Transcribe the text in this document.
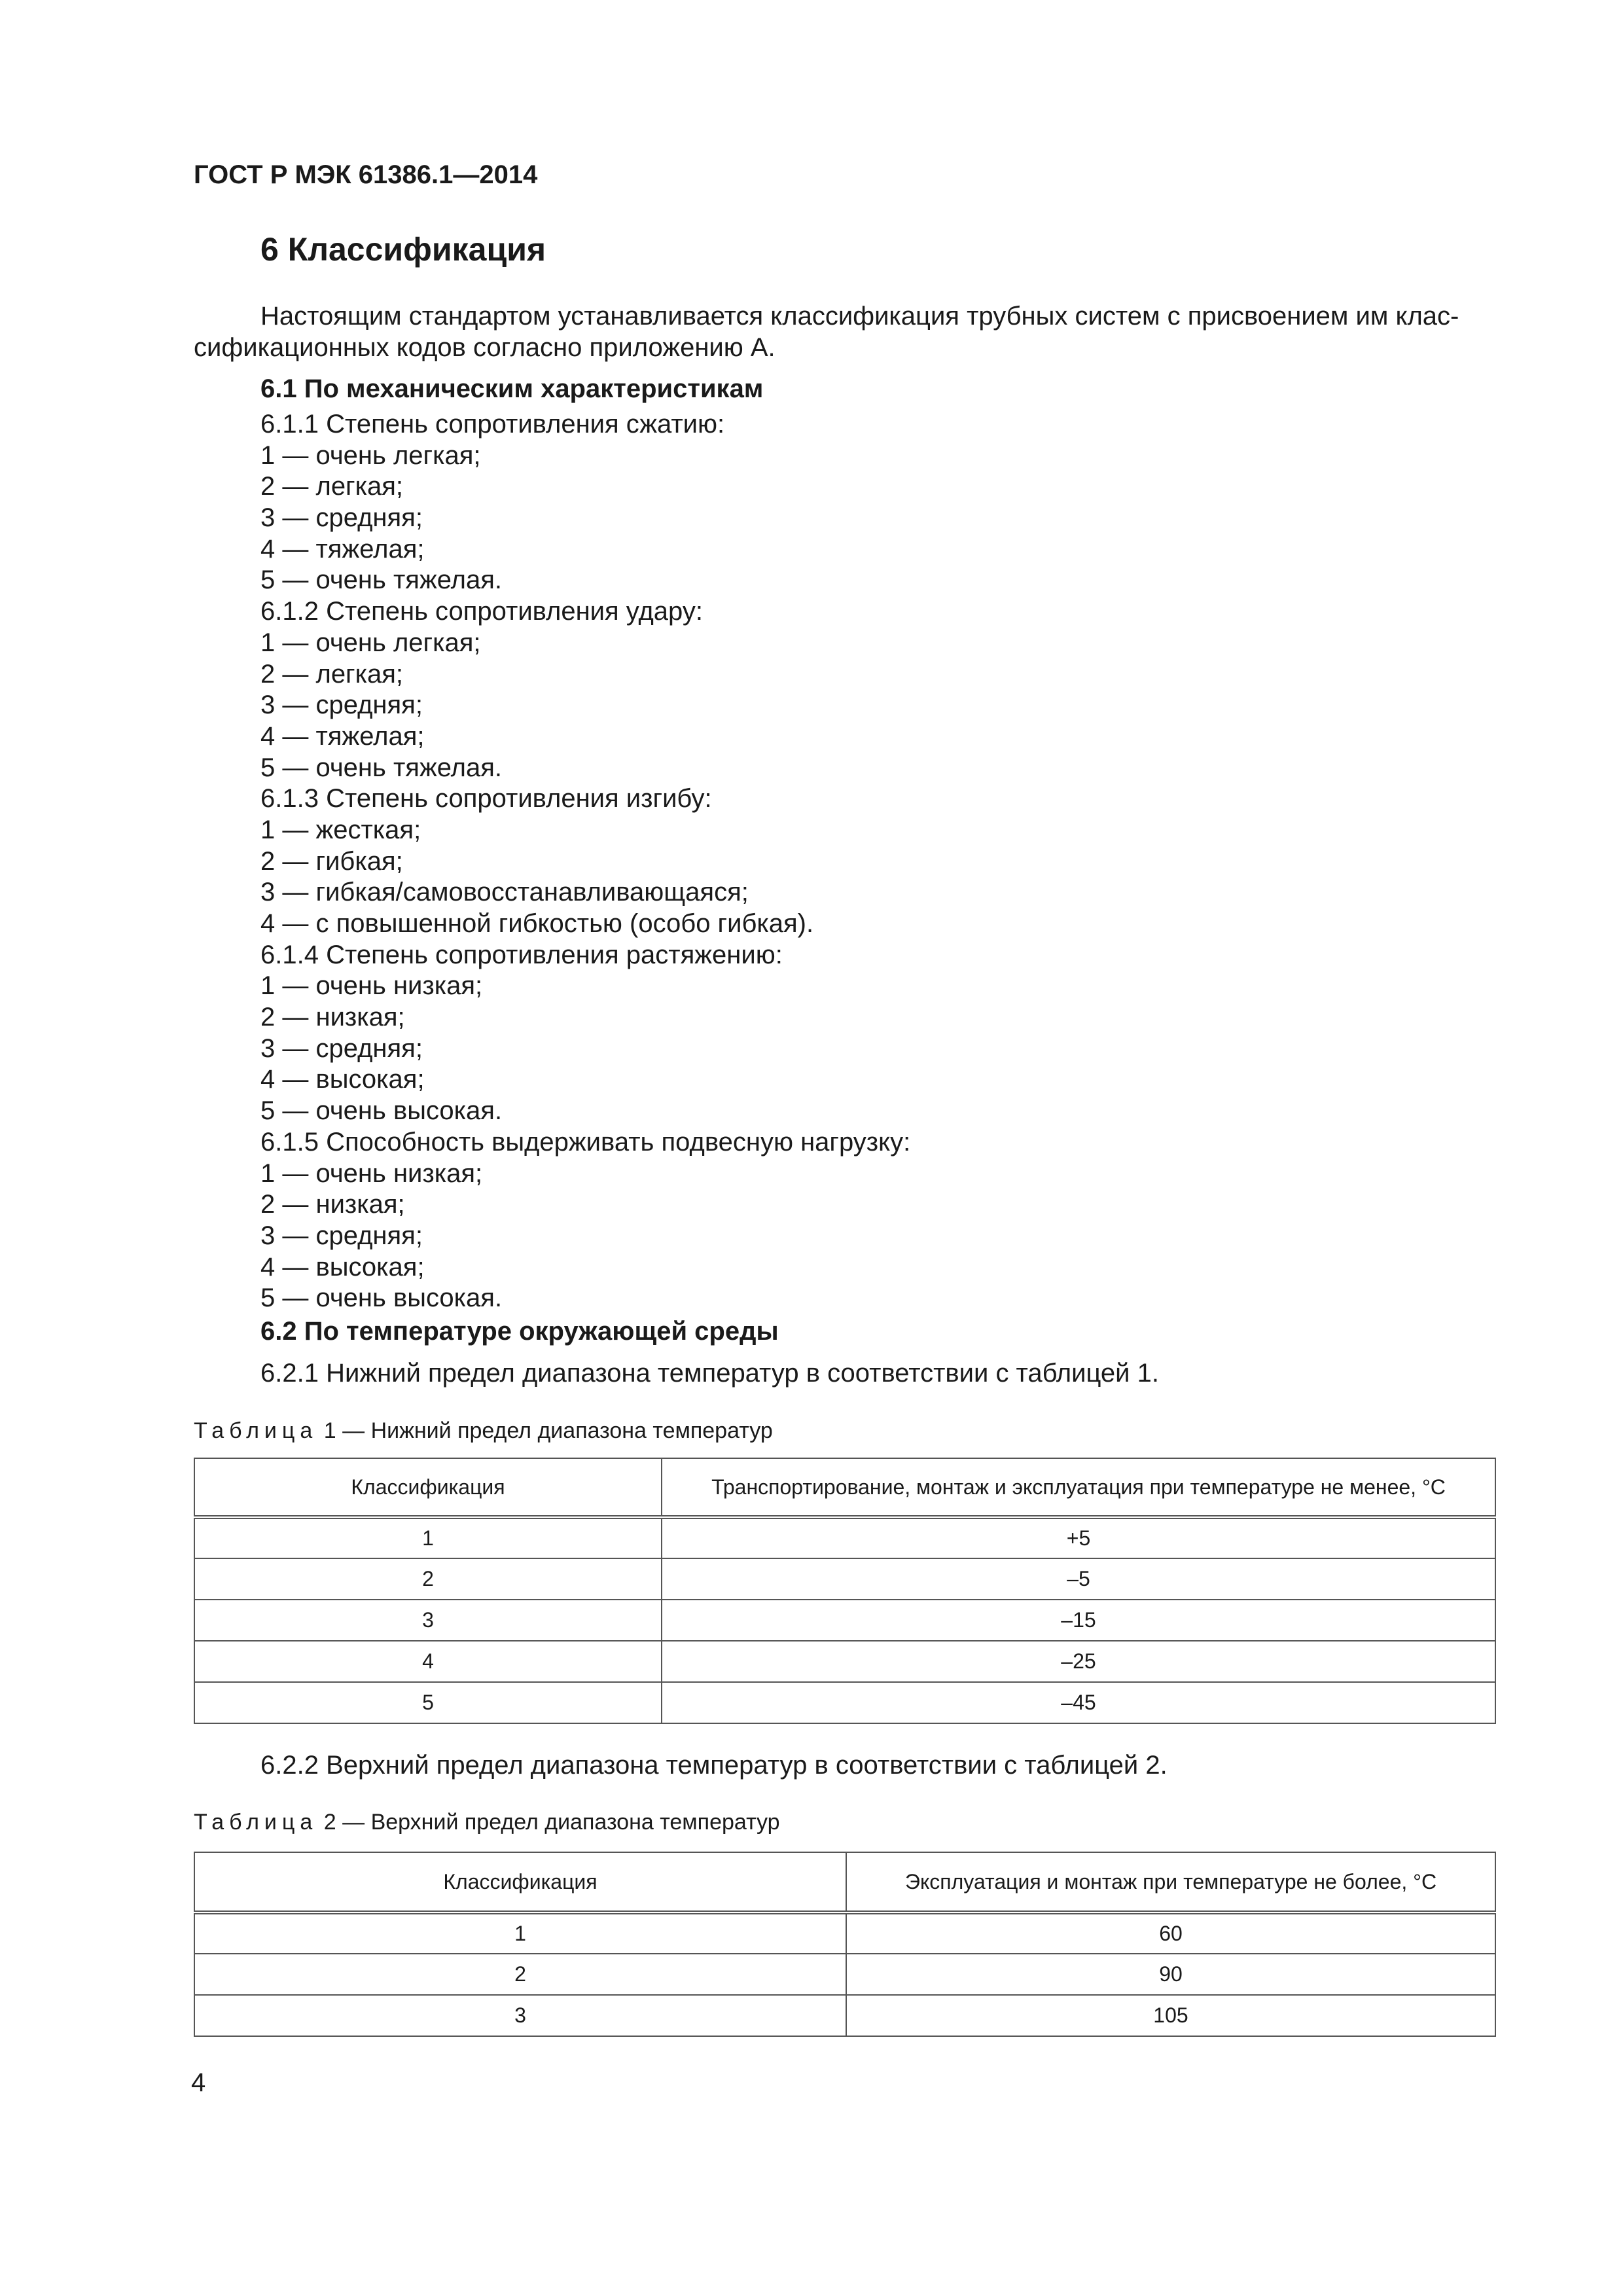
ГОСТ Р МЭК 61386.1—2014
6 Классификация
Настоящим стандартом устанавливается классификация трубных систем с присвоением им клас-
сификационных кодов согласно приложению А.
6.1 По механическим характеристикам
6.1.1 Степень сопротивления сжатию:
1 — очень легкая;
2 — легкая;
3 — средняя;
4 — тяжелая;
5 — очень тяжелая.
6.1.2 Степень сопротивления удару:
1 — очень легкая;
2 — легкая;
3 — средняя;
4 — тяжелая;
5 — очень тяжелая.
6.1.3 Степень сопротивления изгибу:
1 — жесткая;
2 — гибкая;
3 — гибкая/самовосстанавливающаяся;
4 — с повышенной гибкостью (особо гибкая).
6.1.4 Степень сопротивления растяжению:
1 — очень низкая;
2 — низкая;
3 — средняя;
4 — высокая;
5 — очень высокая.
6.1.5 Способность выдерживать подвесную нагрузку:
1 — очень низкая;
2 — низкая;
3 — средняя;
4 — высокая;
5 — очень высокая.
6.2 По температуре окружающей среды
6.2.1 Нижний предел диапазона температур в соответствии с таблицей 1.
Таблица 1 — Нижний предел диапазона температур
Классификация	Транспортирование, монтаж и эксплуатация при температуре не менее, °С
1	+5
2	–5
3	–15
4	–25
5	–45
6.2.2 Верхний предел диапазона температур в соответствии с таблицей 2.
Таблица 2 — Верхний предел диапазона температур
Классификация	Эксплуатация и монтаж при температуре не более, °С
1	60
2	90
3	105
4
